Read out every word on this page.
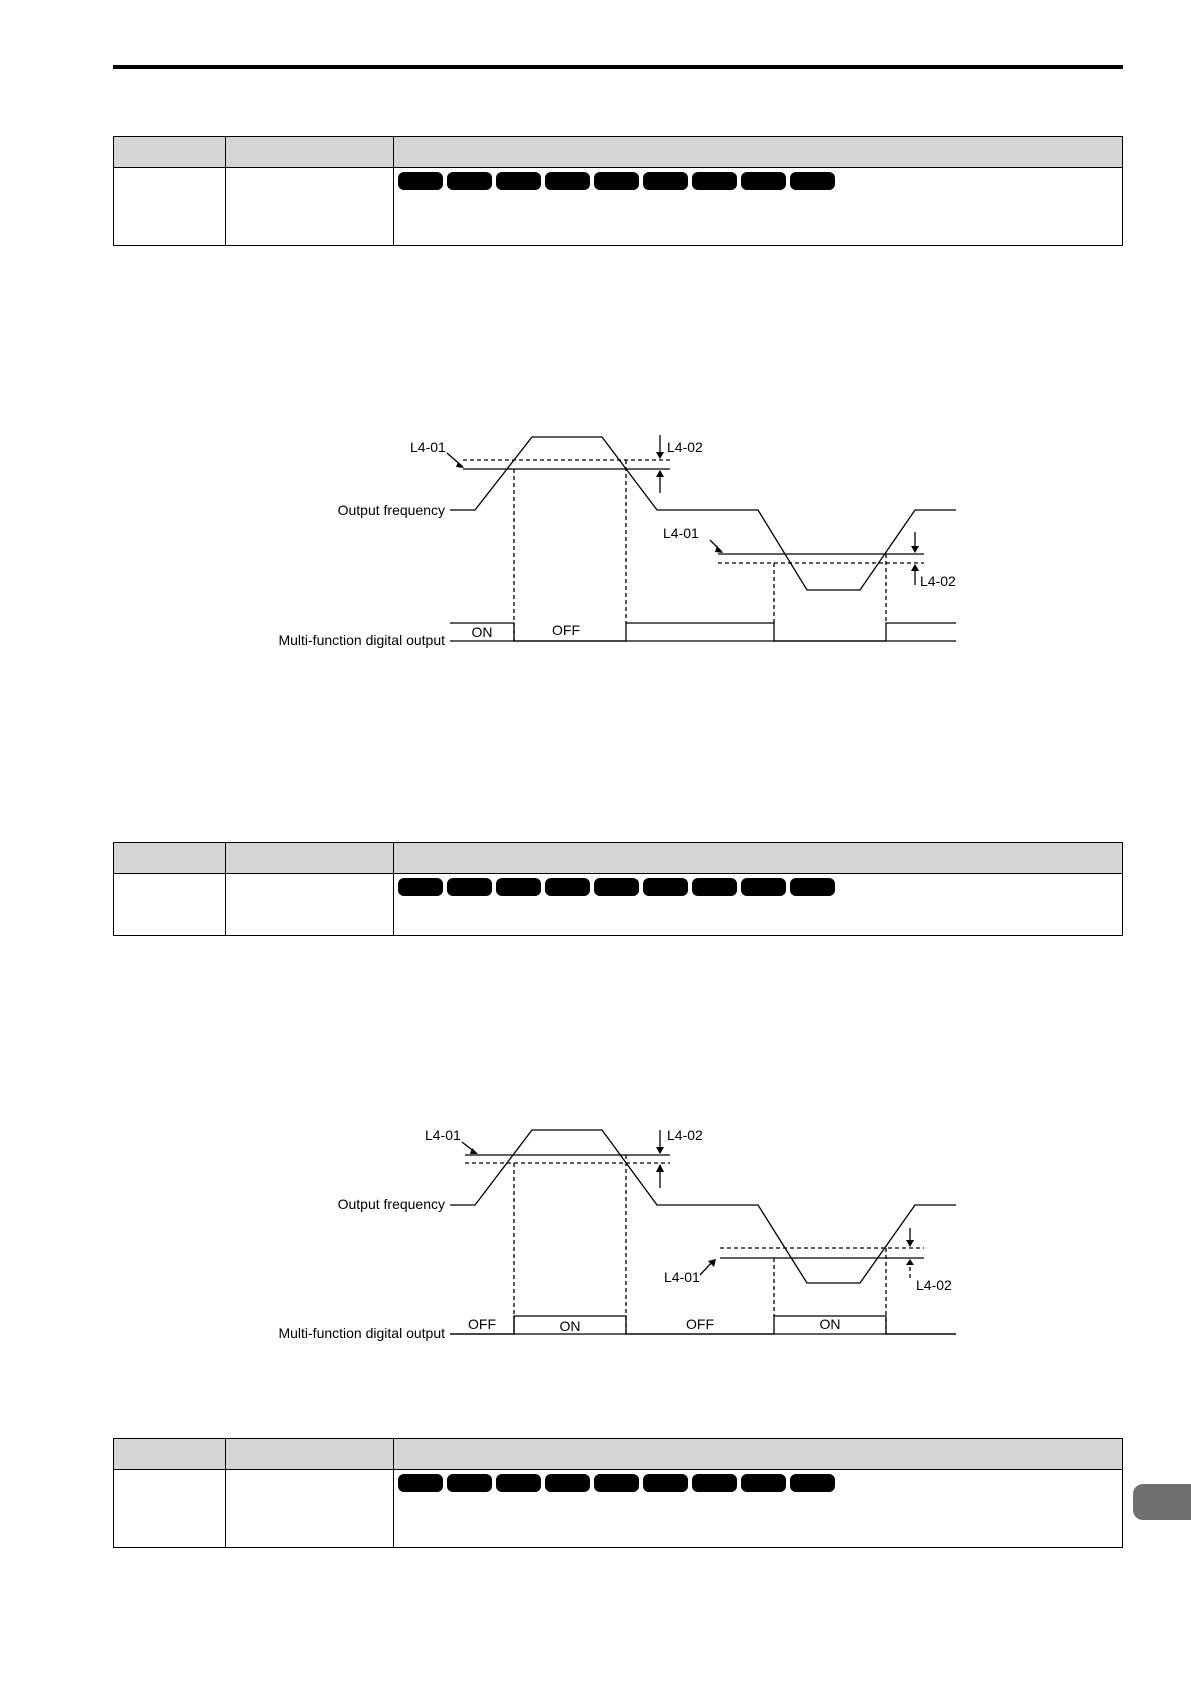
L4-01	L4-02
Output frequency
L4-01
L4-02
Multi-function digital output ON	OFF

L4-01	L4-02
Output frequency
L4-01	L4-02
Multi-function digital output
OFF	ON	OFF	ON
